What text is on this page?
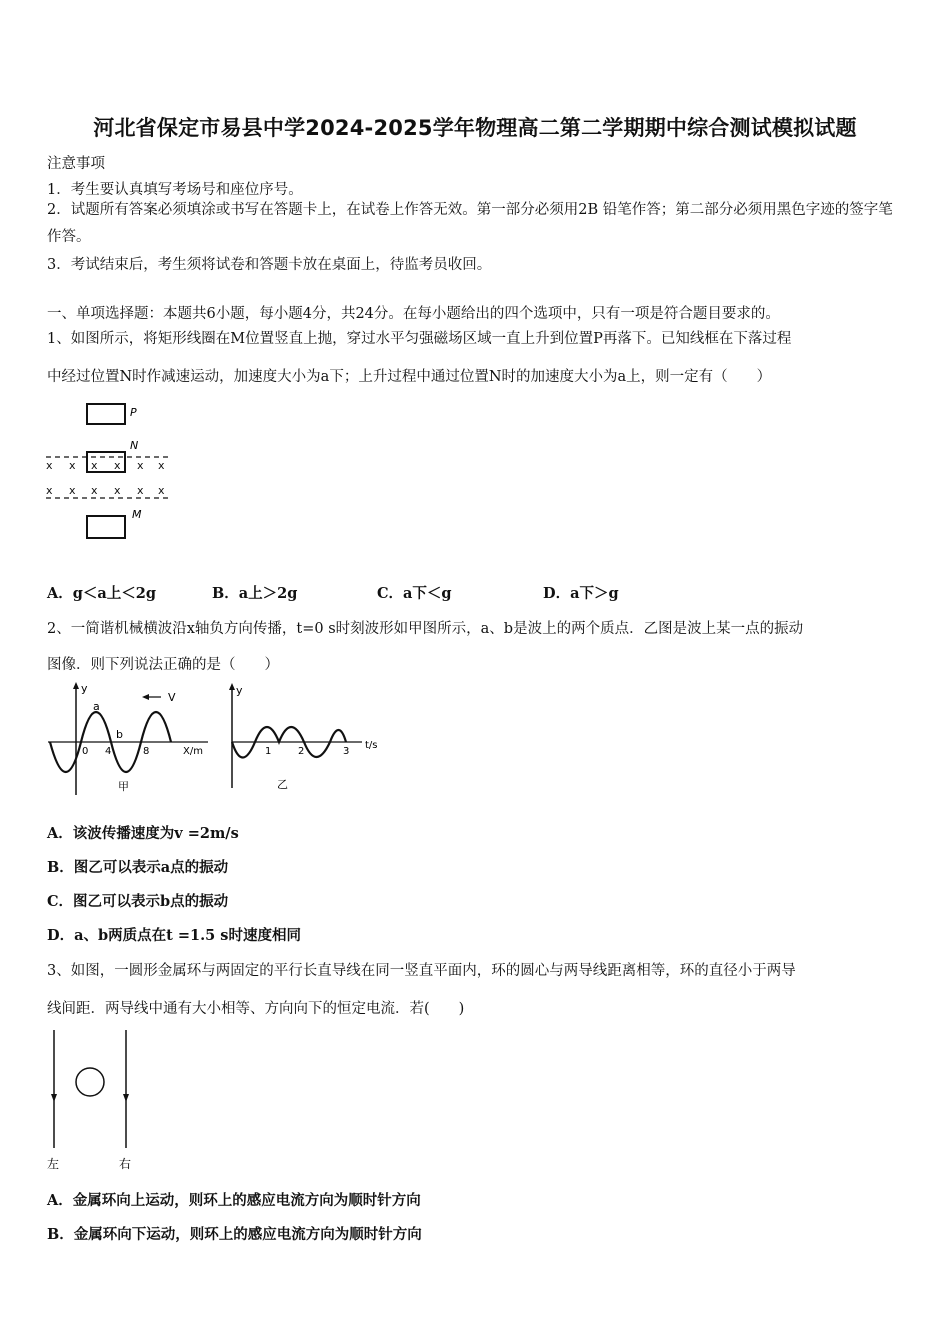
河北省保定市易县中学2024-2025学年物理高二第二学期期中综合测试模拟试题
注意事项
1．考生要认真填写考场号和座位序号。
2．试题所有答案必须填涂或书写在答题卡上，在试卷上作答无效。第一部分必须用2B 铅笔作答；第二部分必须用黑色字迹的签字笔作答。
3．考试结束后，考生须将试卷和答题卡放在桌面上，待监考员收回。
一、单项选择题：本题共6小题，每小题4分，共24分。在每小题给出的四个选项中，只有一项是符合题目要求的。
1、如图所示，将矩形线圈在M位置竖直上抛，穿过水平匀强磁场区域一直上升到位置P再落下。已知线框在下落过程
中经过位置N时作减速运动，加速度大小为a下；上升过程中通过位置N时的加速度大小为a上，则一定有（　　）
P
N
x x x x x x
x x x x x x
M
A．g＜a上＜2g	B．a上＞2g	C．a下＜g	D．a下＞g
2、一简谐机械横波沿x轴负方向传播，t=0 s时刻波形如甲图所示，a、b是波上的两个质点．乙图是波上某一点的振动
图像．则下列说法正确的是（　　）
y
X/m
V
a
b
0 4	8
甲
y
t/s
1	2	3
乙
A．该波传播速度为v =2m/s
B．图乙可以表示a点的振动
C．图乙可以表示b点的振动
D．a、b两质点在t =1.5 s时速度相同
3、如图，一圆形金属环与两固定的平行长直导线在同一竖直平面内，环的圆心与两导线距离相等，环的直径小于两导
线间距．两导线中通有大小相等、方向向下的恒定电流．若(　　)
左	右
A．金属环向上运动，则环上的感应电流方向为顺时针方向
B．金属环向下运动，则环上的感应电流方向为顺时针方向
